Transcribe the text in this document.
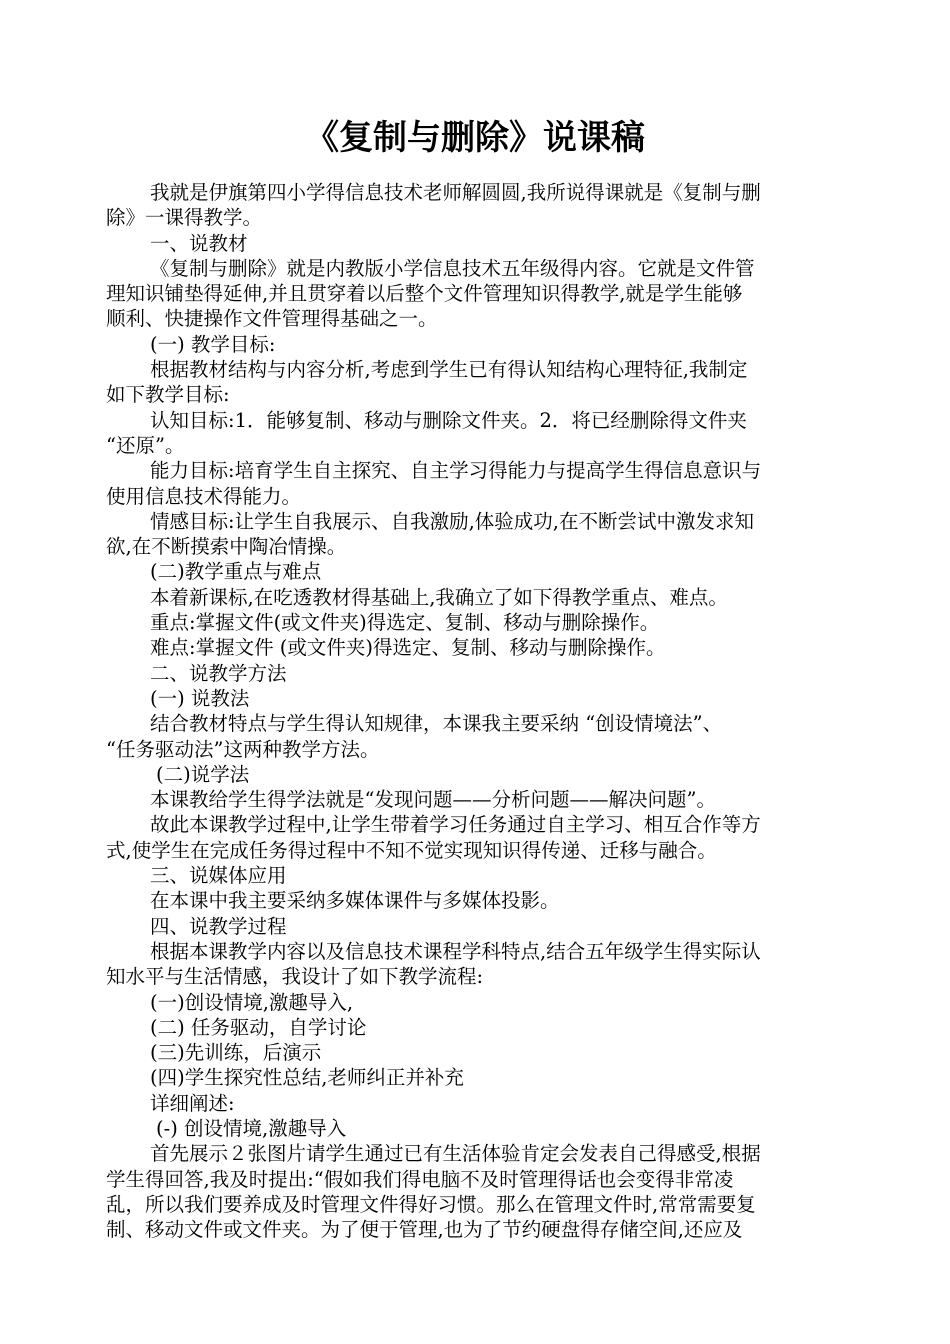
《复制与删除》说课稿
我就是伊旗第四小学得信息技术老师解圆圆,我所说得课就是《复制与删
除》一课得教学。
一、说教材
《复制与删除》就是内教版小学信息技术五年级得内容。它就是文件管
理知识铺垫得延伸,并且贯穿着以后整个文件管理知识得教学,就是学生能够
顺利、快捷操作文件管理得基础之一。
(一) 教学目标:
根据教材结构与内容分析,考虑到学生已有得认知结构心理特征,我制定
如下教学目标:
认知目标:1．能够复制、移动与删除文件夹。2．将已经删除得文件夹
“还原”。
能力目标:培育学生自主探究、自主学习得能力与提高学生得信息意识与
使用信息技术得能力。
情感目标:让学生自我展示、自我激励,体验成功,在不断尝试中激发求知
欲,在不断摸索中陶冶情操。
(二)教学重点与难点
本着新课标,在吃透教材得基础上,我确立了如下得教学重点、难点。
重点:掌握文件(或文件夹)得选定、复制、移动与删除操作。
难点:掌握文件 (或文件夹)得选定、复制、移动与删除操作。
二、说教学方法
(一) 说教法
结合教材特点与学生得认知规律，本课我主要采纳 “创设情境法”、
“任务驱动法”这两种教学方法。
(二)说学法
本课教给学生得学法就是“发现问题——分析问题——解决问题”。
故此本课教学过程中,让学生带着学习任务通过自主学习、相互合作等方
式,使学生在完成任务得过程中不知不觉实现知识得传递、迁移与融合。
三、说媒体应用
在本课中我主要采纳多媒体课件与多媒体投影。
四、说教学过程
根据本课教学内容以及信息技术课程学科特点,结合五年级学生得实际认
知水平与生活情感，我设计了如下教学流程:
(一)创设情境,激趣导入,
(二) 任务驱动，自学讨论
(三)先训练，后演示
(四)学生探究性总结,老师纠正并补充
详细阐述:
(-) 创设情境,激趣导入
首先展示２张图片请学生通过已有生活体验肯定会发表自己得感受,根据
学生得回答,我及时提出:“假如我们得电脑不及时管理得话也会变得非常凌
乱，所以我们要养成及时管理文件得好习惯。那么在管理文件时,常常需要复
制、移动文件或文件夹。为了便于管理,也为了节约硬盘得存储空间,还应及
